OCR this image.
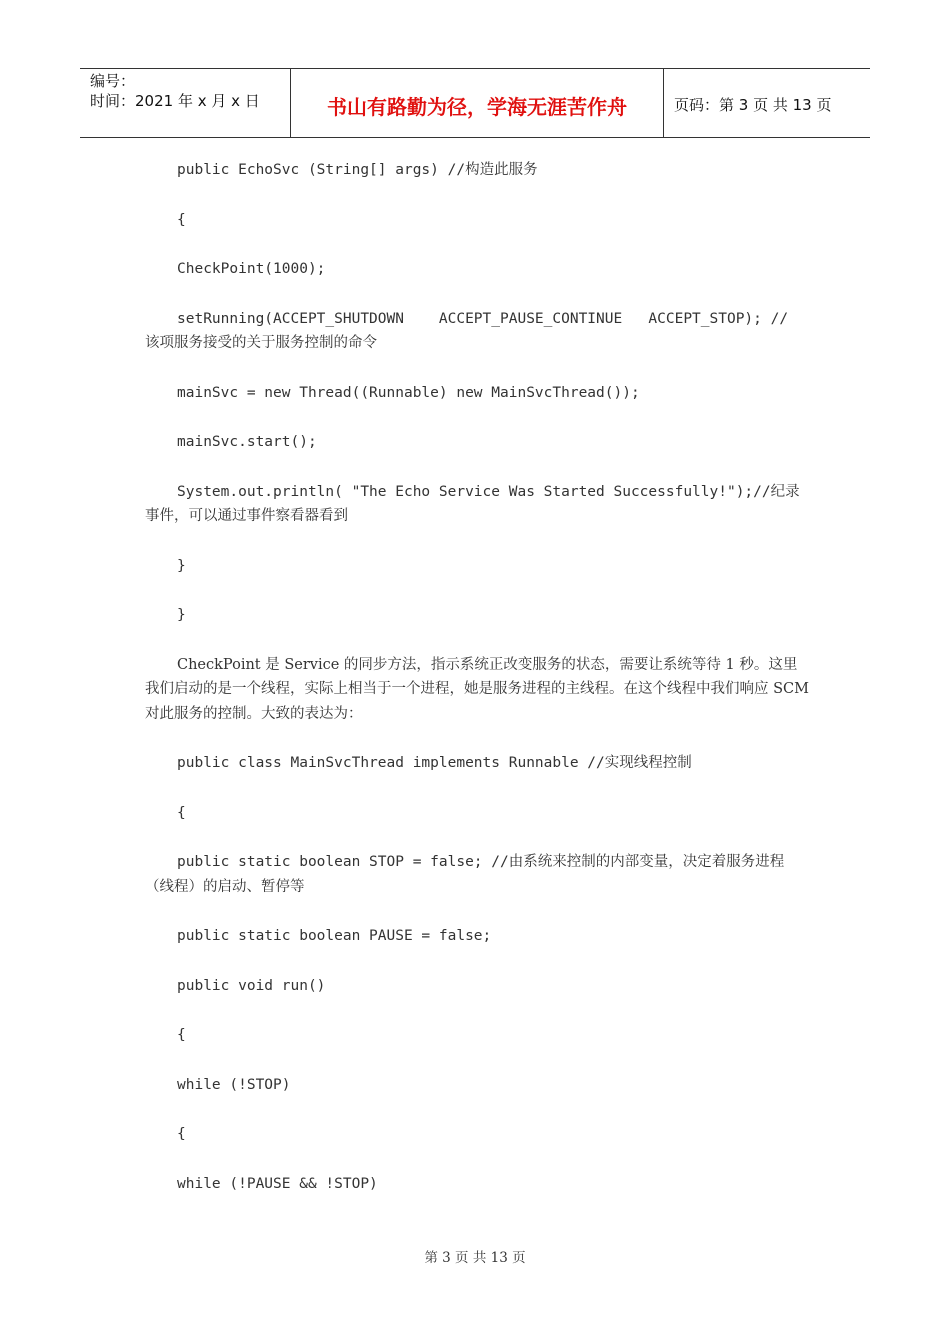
编号：
时间：2021 年 x 月 x 日	书山有路勤为径，学海无涯苦作舟	页码：第 3 页 共 13 页

public EchoSvc (String[] args) //构造此服务

{

CheckPoint(1000);

setRunning(ACCEPT_SHUTDOWN    ACCEPT_PAUSE_CONTINUE   ACCEPT_STOP); // 该项服务接受的关于服务控制的命令

mainSvc = new Thread((Runnable) new MainSvcThread());

mainSvc.start();

System.out.println( "The Echo Service Was Started Successfully!");//纪录事件，可以通过事件察看器看到

}

}

CheckPoint 是 Service 的同步方法，指示系统正改变服务的状态，需要让系统等待 1 秒。这里我们启动的是一个线程，实际上相当于一个进程，她是服务进程的主线程。在这个线程中我们响应 SCM 对此服务的控制。大致的表达为：

public class MainSvcThread implements Runnable //实现线程控制

{

public static boolean STOP = false; //由系统来控制的内部变量，决定着服务进程（线程）的启动、暂停等

public static boolean PAUSE = false;

public void run()

{

while (!STOP)

{

while (!PAUSE && !STOP)

第 3 页 共 13 页
